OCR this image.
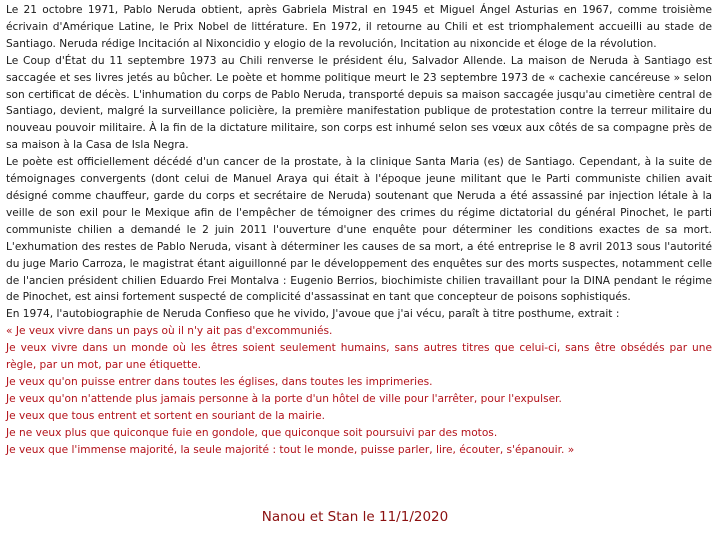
Le 21 octobre 1971, Pablo Neruda obtient, après Gabriela Mistral en 1945 et Miguel Ángel Asturias en 1967, comme troisième écrivain d'Amérique Latine, le Prix Nobel de littérature. En 1972, il retourne au Chili et est triomphalement accueilli au stade de Santiago. Neruda rédige Incitación al Nixoncidio y elogio de la revolución, Incitation au nixoncide et éloge de la révolution.

Le Coup d'État du 11 septembre 1973 au Chili renverse le président élu, Salvador Allende. La maison de Neruda à Santiago est saccagée et ses livres jetés au bûcher. Le poète et homme politique meurt le 23 septembre 1973 de « cachexie cancéreuse » selon son certificat de décès. L'inhumation du corps de Pablo Neruda, transporté depuis sa maison saccagée jusqu'au cimetière central de Santiago, devient, malgré la surveillance policière, la première manifestation publique de protestation contre la terreur militaire du nouveau pouvoir militaire. À la fin de la dictature militaire, son corps est inhumé selon ses vœux aux côtés de sa compagne près de sa maison à la Casa de Isla Negra.

Le poète est officiellement décédé d'un cancer de la prostate, à la clinique Santa Maria (es) de Santiago. Cependant, à la suite de témoignages convergents (dont celui de Manuel Araya qui était à l'époque jeune militant que le Parti communiste chilien avait désigné comme chauffeur, garde du corps et secrétaire de Neruda) soutenant que Neruda a été assassiné par injection létale à la veille de son exil pour le Mexique afin de l'empêcher de témoigner des crimes du régime dictatorial du général Pinochet, le parti communiste chilien a demandé le 2 juin 2011 l'ouverture d'une enquête pour déterminer les conditions exactes de sa mort. L'exhumation des restes de Pablo Neruda, visant à déterminer les causes de sa mort, a été entreprise le 8 avril 2013 sous l'autorité du juge Mario Carroza, le magistrat étant aiguillonné par le développement des enquêtes sur des morts suspectes, notamment celle de l'ancien président chilien Eduardo Frei Montalva : Eugenio Berrios, biochimiste chilien travaillant pour la DINA pendant le régime de Pinochet, est ainsi fortement suspecté de complicité d'assassinat en tant que concepteur de poisons sophistiqués.

En 1974, l'autobiographie de Neruda Confieso que he vivido, J'avoue que j'ai vécu, paraît à titre posthume, extrait :

« Je veux vivre dans un pays où il n'y ait pas d'excommuniés.

Je veux vivre dans un monde où les êtres soient seulement humains, sans autres titres que celui-ci, sans être obsédés par une règle, par un mot, par une étiquette.

Je veux qu'on puisse entrer dans toutes les églises, dans toutes les imprimeries.

Je veux qu'on n'attende plus jamais personne à la porte d'un hôtel de ville pour l'arrêter, pour l'expulser.

Je veux que tous entrent et sortent en souriant de la mairie.

Je ne veux plus que quiconque fuie en gondole, que quiconque soit poursuivi par des motos.

Je veux que l'immense majorité, la seule majorité : tout le monde, puisse parler, lire, écouter, s'épanouir. »

Nanou et Stan le 11/1/2020
